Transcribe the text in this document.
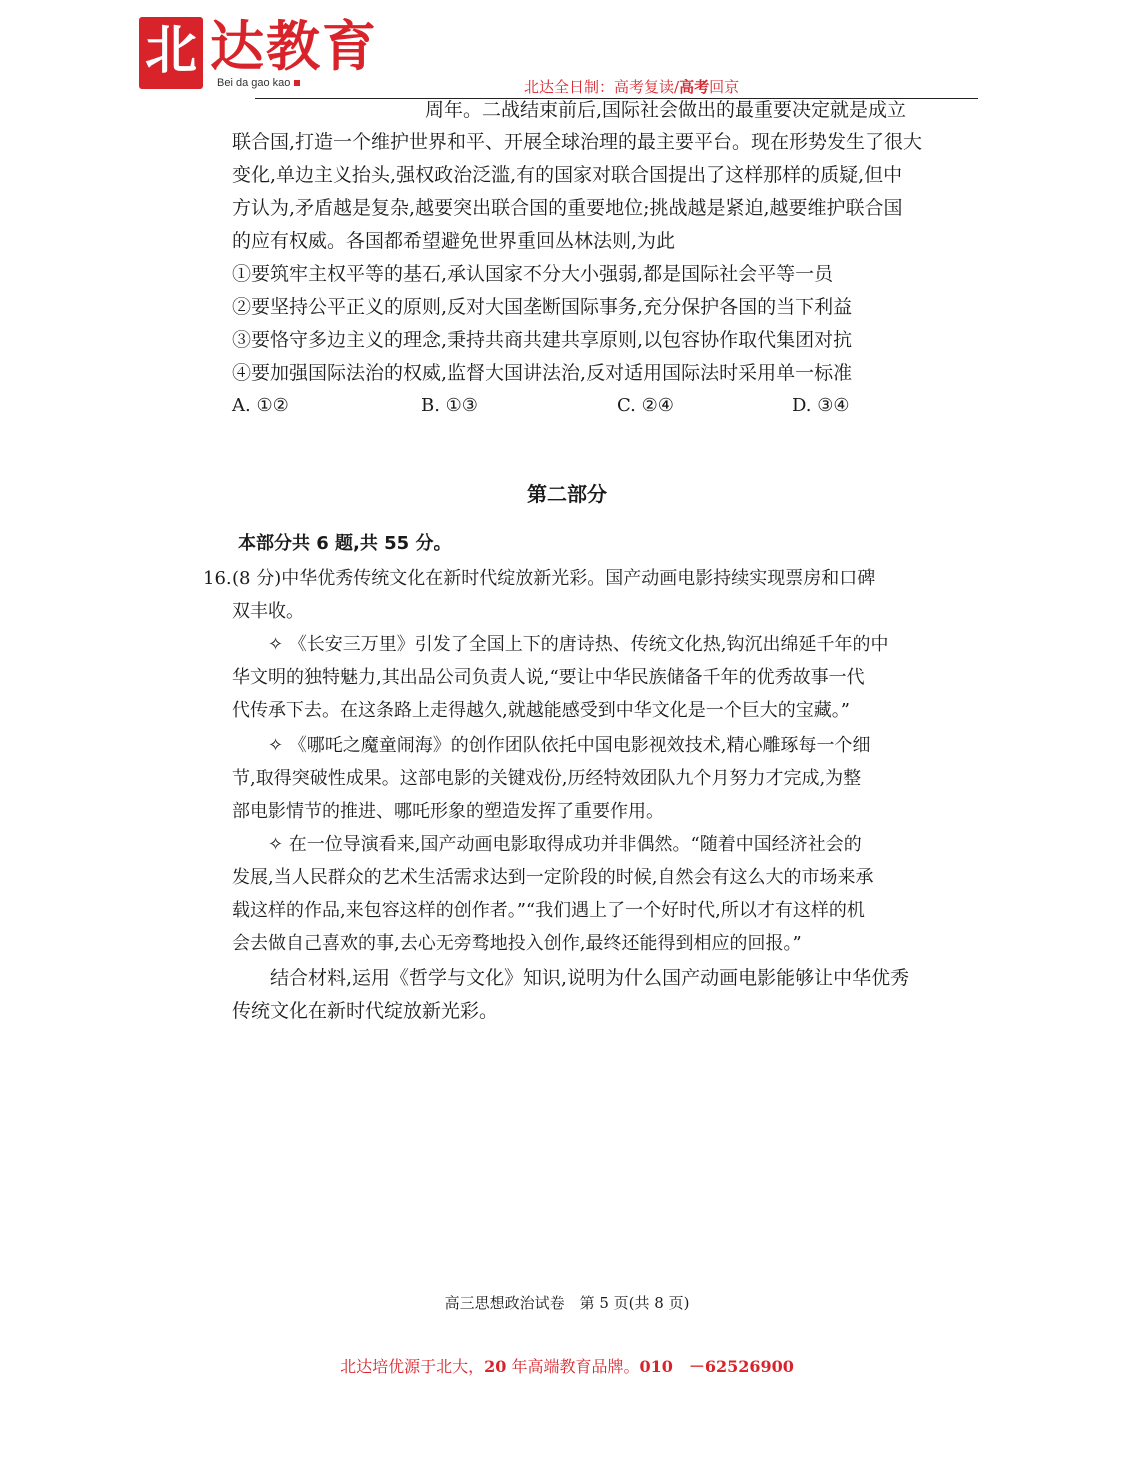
北 达教育
Bei da gao kao	北达全日制：高考复读/高考回京
周年。二战结束前后,国际社会做出的最重要决定就是成立
联合国,打造一个维护世界和平、开展全球治理的最主要平台。现在形势发生了很大
变化,单边主义抬头,强权政治泛滥,有的国家对联合国提出了这样那样的质疑,但中
方认为,矛盾越是复杂,越要突出联合国的重要地位;挑战越是紧迫,越要维护联合国
的应有权威。各国都希望避免世界重回丛林法则,为此
①要筑牢主权平等的基石,承认国家不分大小强弱,都是国际社会平等一员
②要坚持公平正义的原则,反对大国垄断国际事务,充分保护各国的当下利益
③要恪守多边主义的理念,秉持共商共建共享原则,以包容协作取代集团对抗
④要加强国际法治的权威,监督大国讲法治,反对适用国际法时采用单一标准
A. ①②	B. ①③	C. ②④	D. ③④
第二部分
本部分共 6 题,共 55 分。
16. (8 分)中华优秀传统文化在新时代绽放新光彩。国产动画电影持续实现票房和口碑
双丰收。
✧ 《长安三万里》引发了全国上下的唐诗热、传统文化热,钩沉出绵延千年的中
华文明的独特魅力,其出品公司负责人说,“要让中华民族储备千年的优秀故事一代
代传承下去。在这条路上走得越久,就越能感受到中华文化是一个巨大的宝藏。”
✧ 《哪吒之魔童闹海》的创作团队依托中国电影视效技术,精心雕琢每一个细
节,取得突破性成果。这部电影的关键戏份,历经特效团队九个月努力才完成,为整
部电影情节的推进、哪吒形象的塑造发挥了重要作用。
✧ 在一位导演看来,国产动画电影取得成功并非偶然。“随着中国经济社会的
发展,当人民群众的艺术生活需求达到一定阶段的时候,自然会有这么大的市场来承
载这样的作品,来包容这样的创作者。”“我们遇上了一个好时代,所以才有这样的机
会去做自己喜欢的事,去心无旁骛地投入创作,最终还能得到相应的回报。”
结合材料,运用《哲学与文化》知识,说明为什么国产动画电影能够让中华优秀
传统文化在新时代绽放新光彩。
高三思想政治试卷　第 5 页(共 8 页)
北达培优源于北大，20 年高端教育品牌。010　－62526900
